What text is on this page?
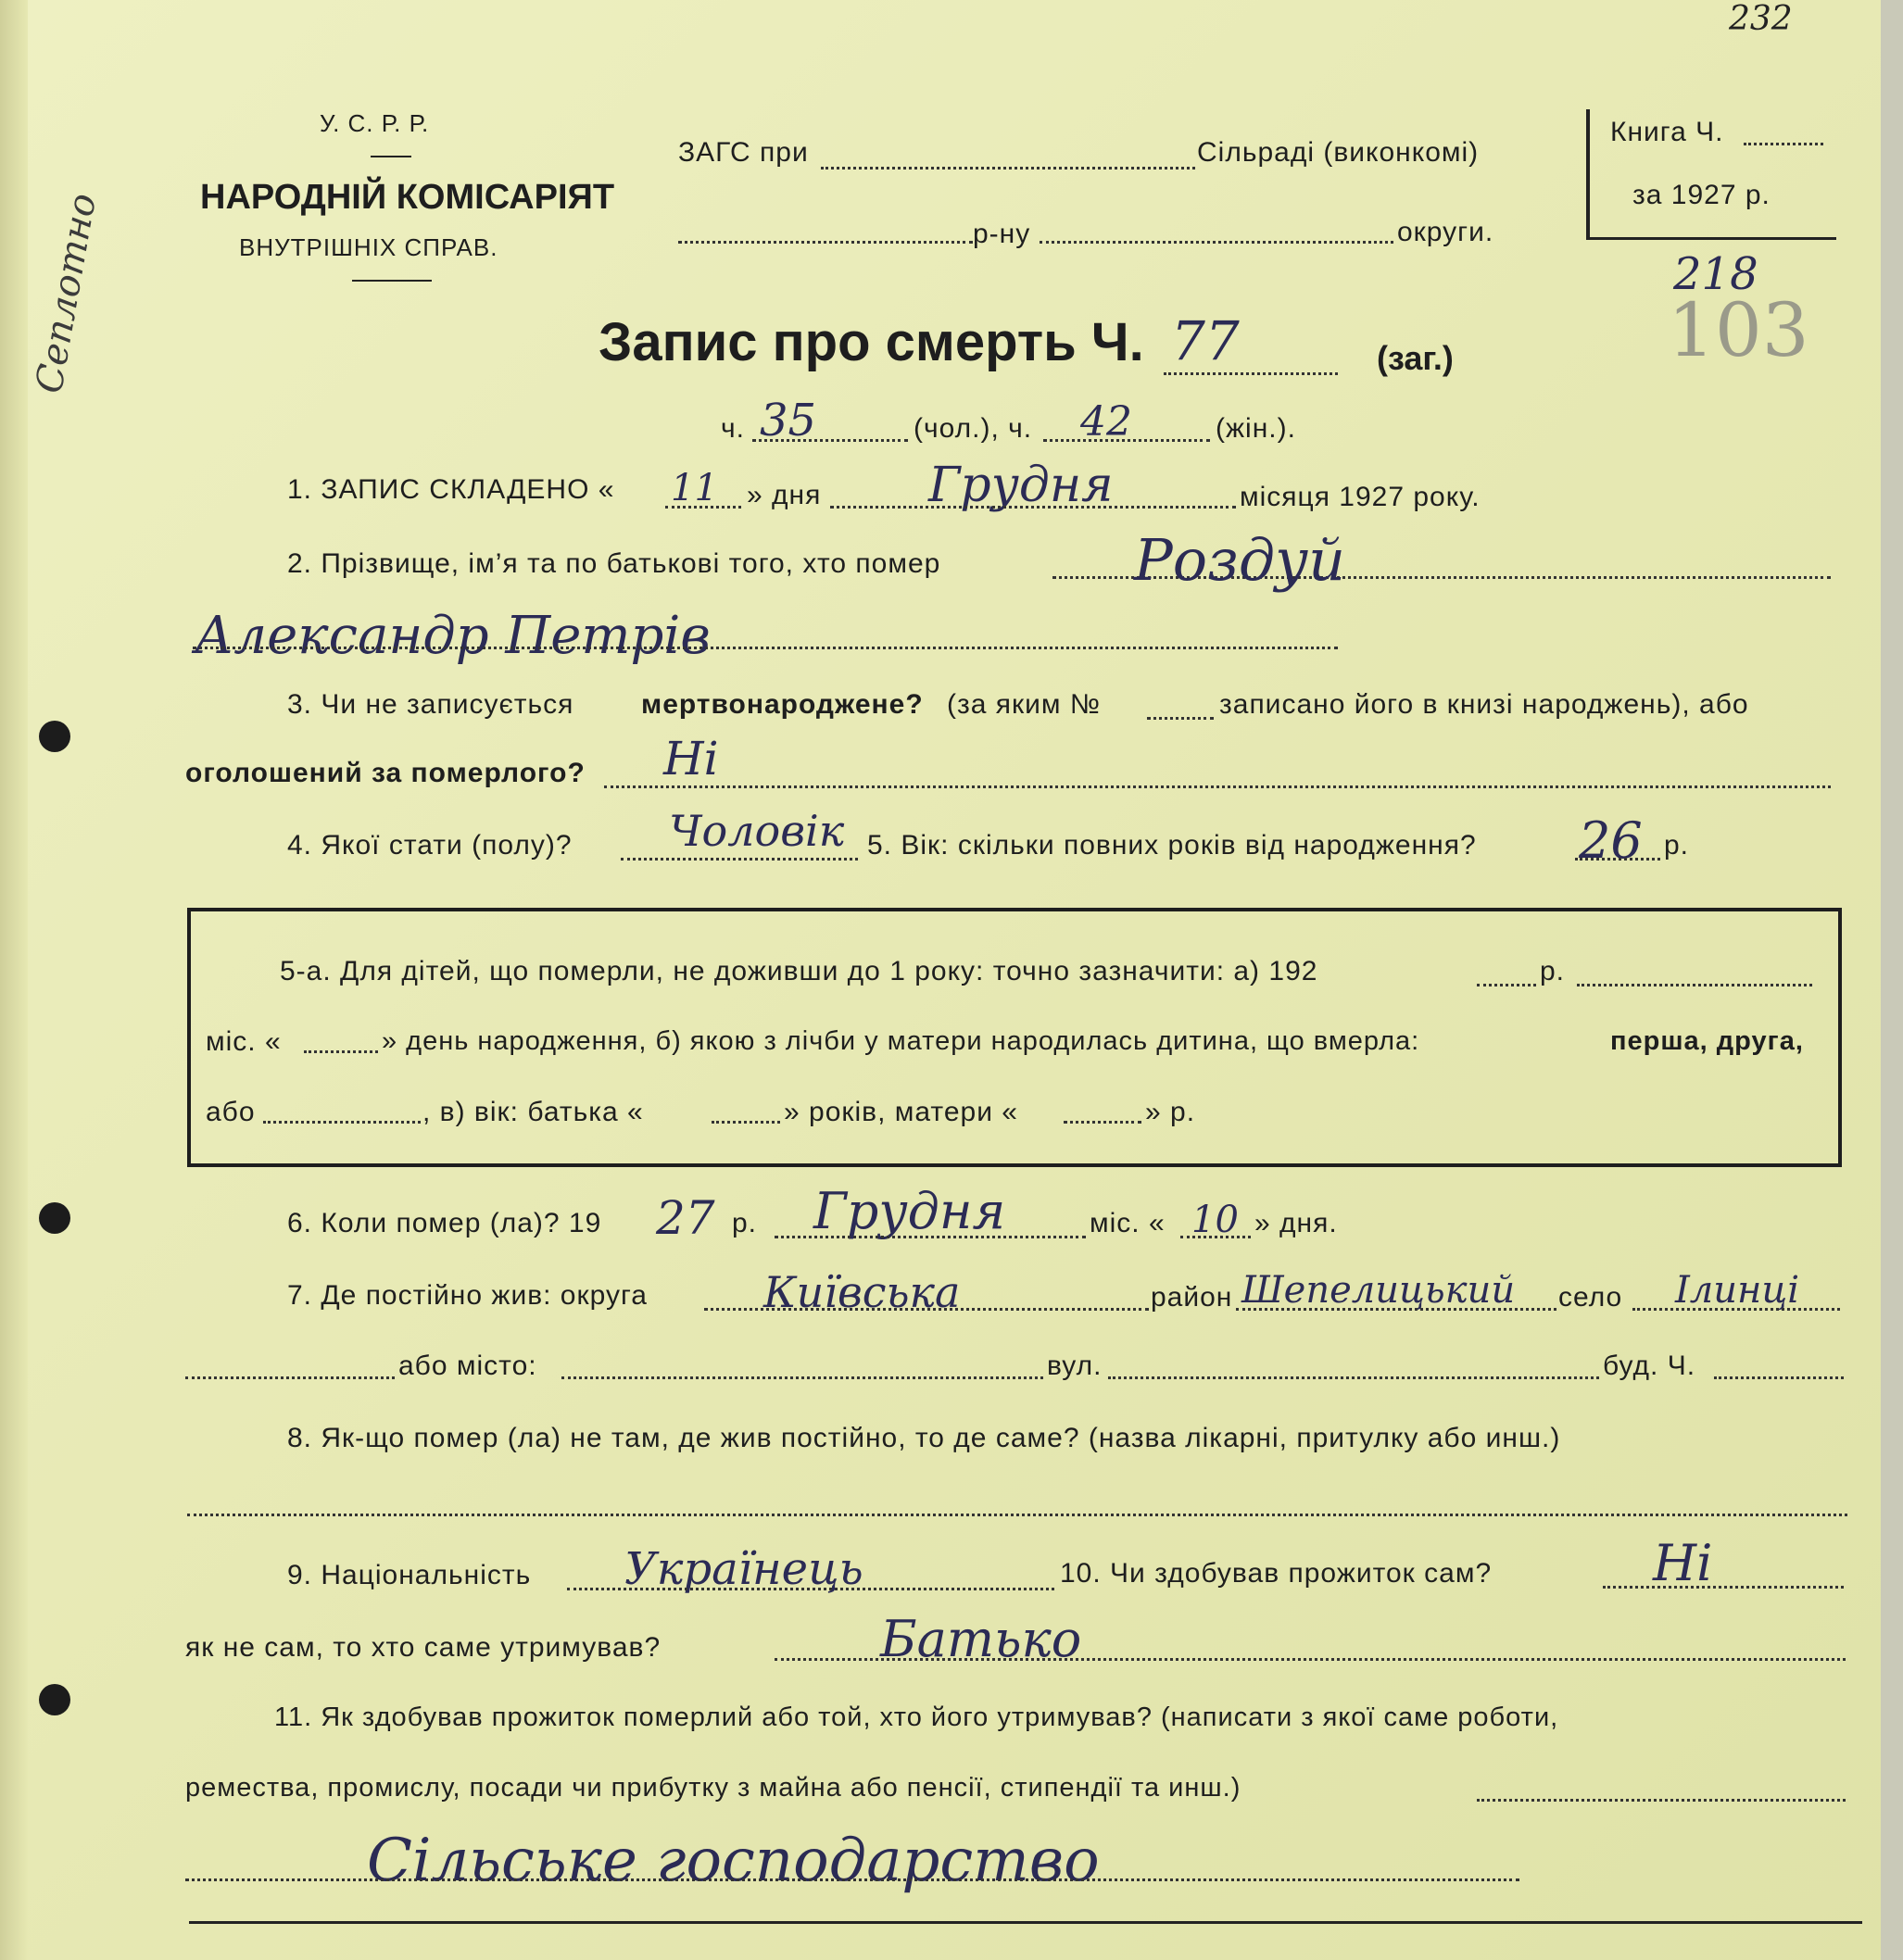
Сеплотно
У. С. Р. Р.
НАРОДНІЙ КОМІСАРІЯТ
ВНУТРІШНІХ СПРАВ.
ЗАГС при	Сільраді (виконкомі)
р-ну	округи.
Книга Ч.
за 1927 р.
232
218
103
Запис про смерть Ч. 77	(заг.)
ч. 35	(чол.), ч. 42	(жін.).
1. ЗАПИС СКЛАДЕНО « 11 » дня Грудня	місяця 1927 року.
2. Прізвище, ім’я та по батькові того, хто помер	Роздуй
Александр Петрів
3. Чи не записується мертвонароджене? (за яким №	записано його в книзі народжень), або
оголошений за померлого? Ні
4. Якої стати (полу)? Чоловік 5. Вік: скільки повних років від народження? 26 р.
5-а. Для дітей, що померли, не доживши до 1 року: точно зазначити: а) 192	р.
міс. «	» день народження, б) якою з лічби у матери народилась дитина, що вмерла:	перша, друга,
або	, в) вік: батька «	» років, матери «	» р.
6. Коли помер (ла)? 19 27 р. Грудня	міс. « 10 » дня.
7. Де постійно жив: округа	Київська	район Шепелицький село Ілинці
або місто:	вул.	буд. Ч.
8. Як-що помер (ла) не там, де жив постійно, то де саме? (назва лікарні, притулку або инш.)
9. Національність Українець	10. Чи здобував прожиток сам?	Ні
як не сам, то хто саме утримував?	Батько
11. Як здобував прожиток померлий або той, хто його утримував? (написати з якої саме роботи,
ремества, промислу, посади чи прибутку з майна або пенсії, стипендії та инш.)
Сільське господарство
